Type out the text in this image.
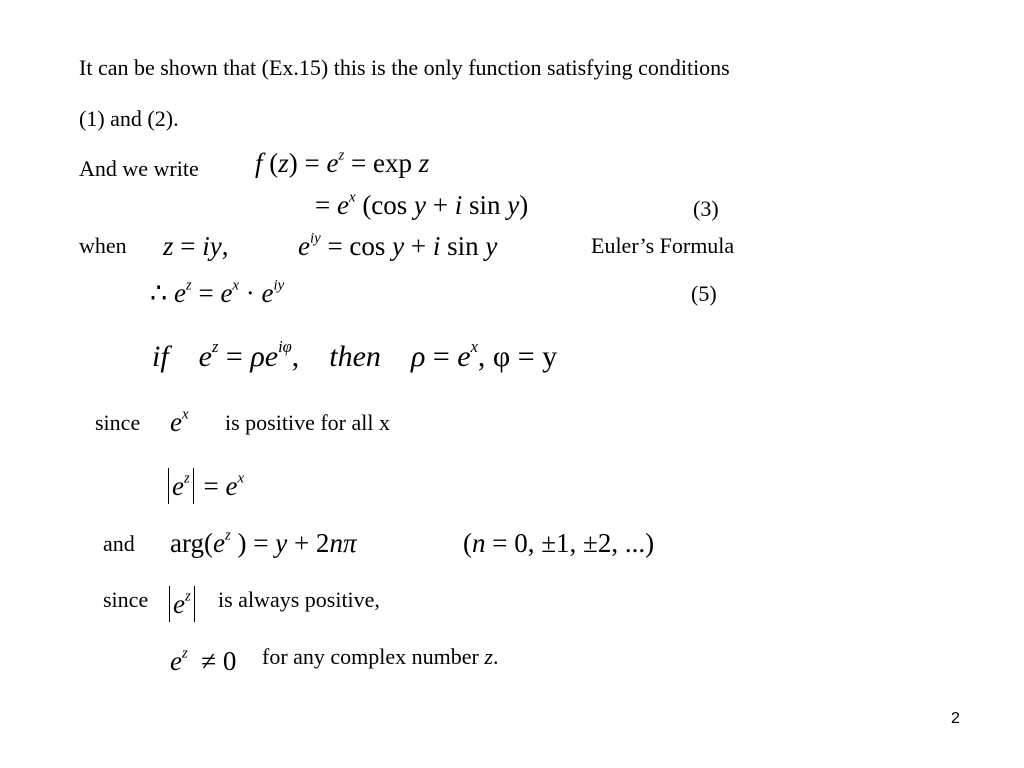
It can be shown that (Ex.15) this is the only function satisfying conditions
(1) and (2).
And we write f $(z) = e^z = \exp z$
= $e^x$ (cos y + i sin y)	(3)
when z = iy,	$e^{iy} = \cos y + i$ sin y	Euler’s Formula
∴ $e^z = e^x \cdot e^{iy}$	(5)
if $e^z = \rho e^{i\varphi}$,    then $\rho = e^x$, φ = y
since $e^x$ is positive for all x
$e^z = e^x$
and $arg(e^z$ ) = y + 2nπ	(n = 0, ±1, ±2, ...)
since $e^z$	is always positive,
$e^z \ne 0$ for any complex number z.
2
